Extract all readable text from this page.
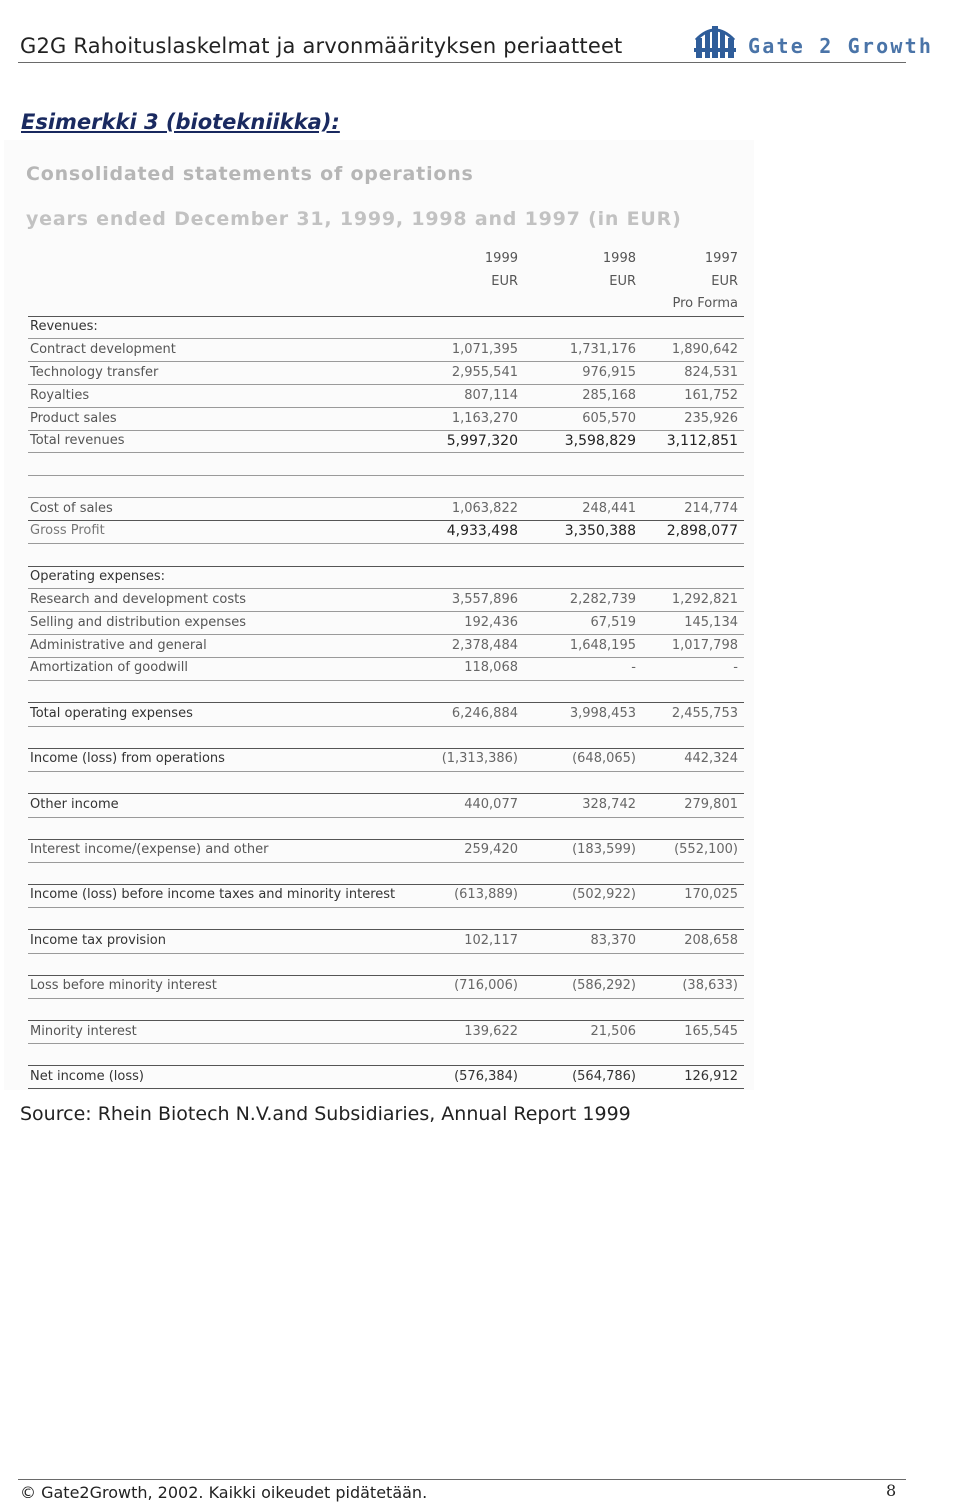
G2G Rahoituslaskelmat ja arvonmäärityksen periaatteet	Gate 2 Growth
Esimerkki 3 (biotekniikka):
Consolidated statements of operations
years ended December 31, 1999, 1998 and 1997 (in EUR)
1999	1998	1997
EUR	EUR	EUR
Pro Forma
Revenues:
Contract development	1,071,395	1,731,176	1,890,642
Technology transfer	2,955,541	976,915	824,531
Royalties	807,114	285,168	161,752
Product sales	1,163,270	605,570	235,926
Total revenues	5,997,320	3,598,829	3,112,851
Cost of sales	1,063,822	248,441	214,774
Gross Profit	4,933,498	3,350,388	2,898,077
Operating expenses:
Research and development costs	3,557,896	2,282,739	1,292,821
Selling and distribution expenses	192,436	67,519	145,134
Administrative and general	2,378,484	1,648,195	1,017,798
Amortization of goodwill	118,068	-	-
Total operating expenses	6,246,884	3,998,453	2,455,753
Income (loss) from operations	(1,313,386)	(648,065)	442,324
Other income	440,077	328,742	279,801
Interest income/(expense) and other	259,420	(183,599)	(552,100)
Income (loss) before income taxes and minority interest	(613,889)	(502,922)	170,025
Income tax provision	102,117	83,370	208,658
Loss before minority interest	(716,006)	(586,292)	(38,633)
Minority interest	139,622	21,506	165,545
Net income (loss)	(576,384)	(564,786)	126,912
Source: Rhein Biotech N.V.and Subsidiaries, Annual Report 1999
© Gate2Growth, 2002. Kaikki oikeudet pidätetään.	8
